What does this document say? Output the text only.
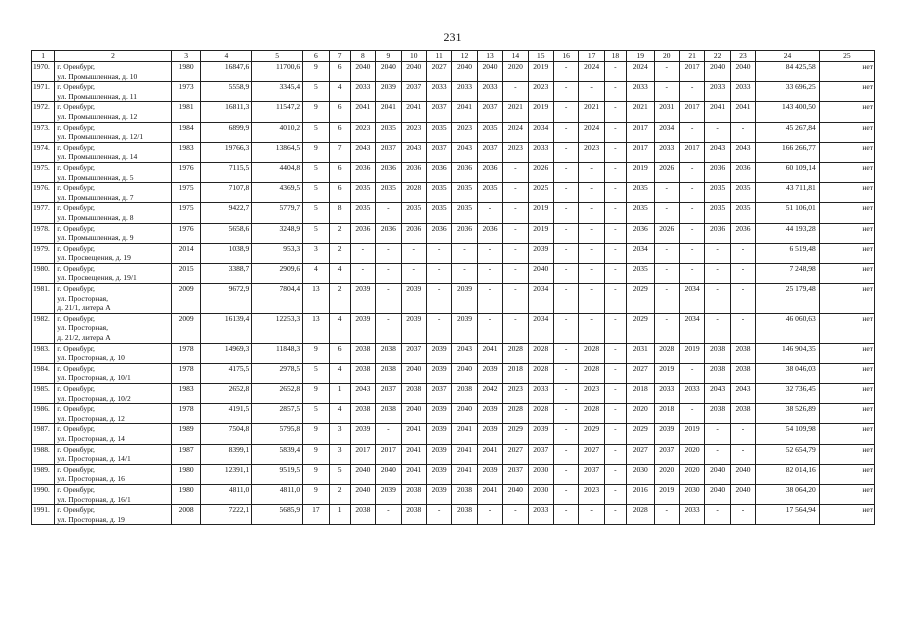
231
1	2	3	4	5	6	7	8	9	10	11	12	13	14	15	16	17	18	19	20	21	22	23	24	25
1970.	г. Оренбург,
ул. Промышленная, д. 10	1980	16847,6	11700,6	9	6	2040	2040	2040	2027	2040	2040	2020	2019	-	2024	-	2024	-	2017	2040	2040	84 425,58	нет
1971.	г. Оренбург,
ул. Промышленная, д. 11	1973	5558,9	3345,4	5	4	2033	2039	2037	2033	2033	2033	-	2023	-	-	-	2033	-	-	2033	2033	33 696,25	нет
1972.	г. Оренбург,
ул. Промышленная, д. 12	1981	16811,3	11547,2	9	6	2041	2041	2041	2037	2041	2037	2021	2019	-	2021	-	2021	2031	2017	2041	2041	143 400,50	нет
1973.	г. Оренбург,
ул. Промышленная, д. 12/1	1984	6899,9	4010,2	5	6	2023	2035	2023	2035	2023	2035	2024	2034	-	2024	-	2017	2034	-	-	-	45 267,84	нет
1974.	г. Оренбург,
ул. Промышленная, д. 14	1983	19766,3	13864,5	9	7	2043	2037	2043	2037	2043	2037	2023	2033	-	2023	-	2017	2033	2017	2043	2043	166 266,77	нет
1975.	г. Оренбург,
ул. Промышленная, д. 5	1976	7115,5	4404,8	5	6	2036	2036	2036	2036	2036	2036	-	2026	-	-	-	2019	2026	-	2036	2036	60 109,14	нет
1976.	г. Оренбург,
ул. Промышленная, д. 7	1975	7107,8	4369,5	5	6	2035	2035	2028	2035	2035	2035	-	2025	-	-	-	2035	-	-	2035	2035	43 711,81	нет
1977.	г. Оренбург,
ул. Промышленная, д. 8	1975	9422,7	5779,7	5	8	2035	-	2035	2035	2035	-	-	2019	-	-	-	2035	-	-	2035	2035	51 106,01	нет
1978.	г. Оренбург,
ул. Промышленная, д. 9	1976	5658,6	3248,9	5	2	2036	2036	2036	2036	2036	2036	-	2019	-	-	-	2036	2026	-	2036	2036	44 193,28	нет
1979.	г. Оренбург,
ул. Просвещения, д. 19	2014	1038,9	953,3	3	2	-	-	-	-	-	-	-	2039	-	-	-	2034	-	-	-	-	6 519,48	нет
1980.	г. Оренбург,
ул. Просвещения, д. 19/1	2015	3388,7	2909,6	4	4	-	-	-	-	-	-	-	2040	-	-	-	2035	-	-	-	-	7 248,98	нет
1981.	г. Оренбург,
ул. Просторная,
д. 21/1, литера А	2009	9672,9	7804,4	13	2	2039	-	2039	-	2039	-	-	2034	-	-	-	2029	-	2034	-	-	25 179,48	нет
1982.	г. Оренбург,
ул. Просторная,
д. 21/2, литера А	2009	16139,4	12253,3	13	4	2039	-	2039	-	2039	-	-	2034	-	-	-	2029	-	2034	-	-	46 060,63	нет
1983.	г. Оренбург,
ул. Просторная, д. 10	1978	14969,3	11848,3	9	6	2038	2038	2037	2039	2043	2041	2028	2028	-	2028	-	2031	2028	2019	2038	2038	146 904,35	нет
1984.	г. Оренбург,
ул. Просторная, д. 10/1	1978	4175,5	2978,5	5	4	2038	2038	2040	2039	2040	2039	2018	2028	-	2028	-	2027	2019	-	2038	2038	38 046,03	нет
1985.	г. Оренбург,
ул. Просторная, д. 10/2	1983	2652,8	2652,8	9	1	2043	2037	2038	2037	2038	2042	2023	2033	-	2023	-	2018	2033	2033	2043	2043	32 736,45	нет
1986.	г. Оренбург,
ул. Просторная, д. 12	1978	4191,5	2857,5	5	4	2038	2038	2040	2039	2040	2039	2028	2028	-	2028	-	2020	2018	-	2038	2038	38 526,89	нет
1987.	г. Оренбург,
ул. Просторная, д. 14	1989	7504,8	5795,8	9	3	2039	-	2041	2039	2041	2039	2029	2039	-	2029	-	2029	2039	2019	-	-	54 109,98	нет
1988.	г. Оренбург,
ул. Просторная, д. 14/1	1987	8399,1	5839,4	9	3	2017	2017	2041	2039	2041	2041	2027	2037	-	2027	-	2027	2037	2020	-	-	52 654,79	нет
1989.	г. Оренбург,
ул. Просторная, д. 16	1980	12391,1	9519,5	9	5	2040	2040	2041	2039	2041	2039	2037	2030	-	2037	-	2030	2020	2020	2040	2040	82 014,16	нет
1990.	г. Оренбург,
ул. Просторная, д. 16/1	1980	4811,0	4811,0	9	2	2040	2039	2038	2039	2038	2041	2040	2030	-	2023	-	2016	2019	2030	2040	2040	38 064,20	нет
1991.	г. Оренбург,
ул. Просторная, д. 19	2008	7222,1	5685,9	17	1	2038	-	2038	-	2038	-	-	2033	-	-	-	2028	-	2033	-	-	17 564,94	нет
